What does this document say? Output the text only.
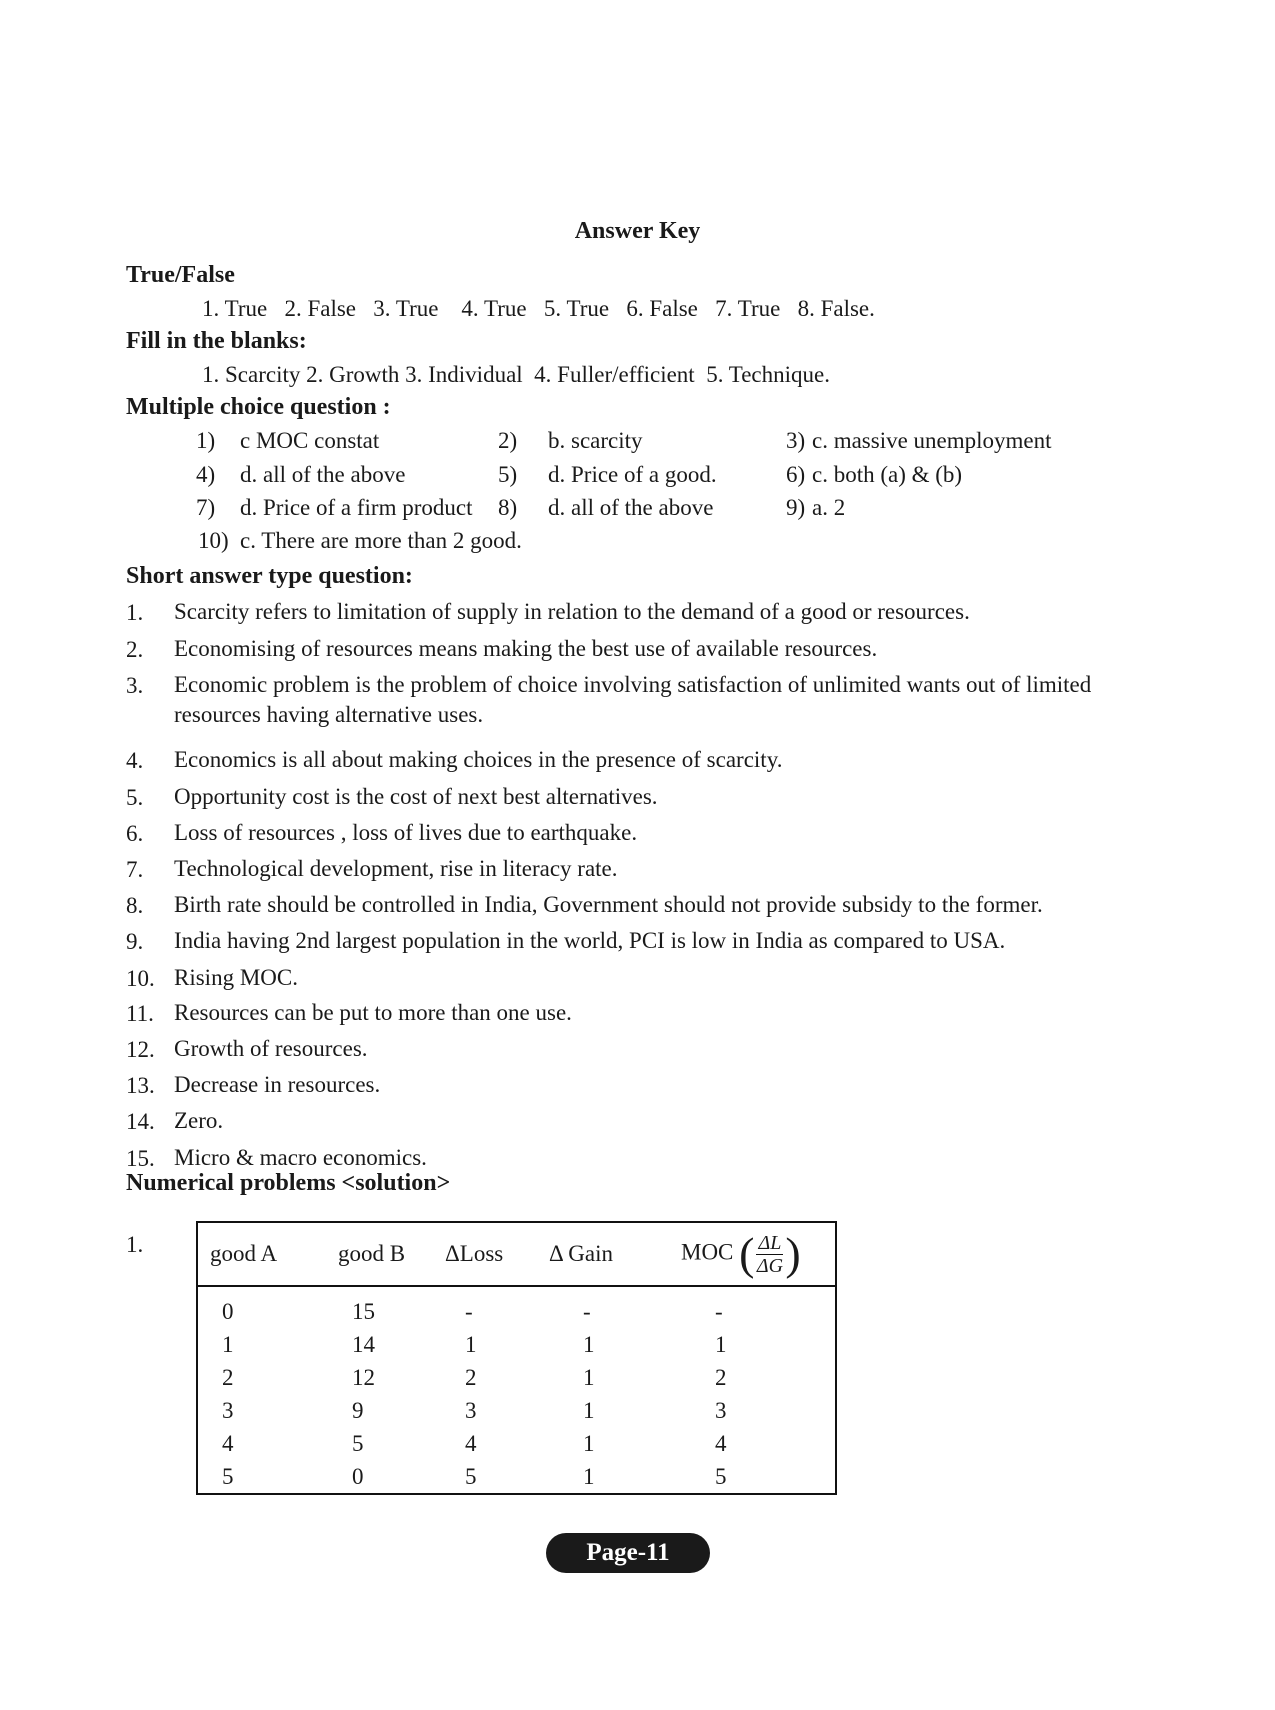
Answer Key
True/False
1. True   2. False   3. True    4. True   5. True   6. False   7. True   8. False.
Fill in the blanks:
1. Scarcity 2. Growth 3. Individual  4. Fuller/efficient  5. Technique.
Multiple choice question :
1) c MOC constat	2) b. scarcity	3) c. massive unemployment
4) d. all of the above	5) d. Price of a good.	6) c. both (a) & (b)
7) d. Price of a firm product 8) d. all of the above	9) a. 2
10) c. There are more than 2 good.
Short answer type question:
1. Scarcity refers to limitation of supply in relation to the demand of a good or resources.
2. Economising of resources means making the best use of available resources.
3. Economic problem is the problem of choice involving satisfaction of unlimited wants out of limited resources having alternative uses.
4. Economics is all about making choices in the presence of scarcity.
5. Opportunity cost is the cost of next best alternatives.
6. Loss of resources , loss of lives due to earthquake.
7. Technological development, rise in literacy rate.
8. Birth rate should be controlled in India, Government should not provide subsidy to the former.
9. India having 2nd largest population in the world, PCI is low in India as compared to USA.
10. Rising MOC.
11. Resources can be put to more than one use.
12. Growth of resources.
13. Decrease in resources.
14. Zero.
15. Micro & macro economics.
Numerical problems <solution>
1.	good A	good B	ΔLoss	Δ Gain	MOC ( $\frac{\Delta L}{\Delta G}$ )

0	15	-	-	-
1	14	1	1	1
2	12	2	1	2
3	9	3	1	3
4	5	4	1	4
5	0	5	1	5
Page-11
